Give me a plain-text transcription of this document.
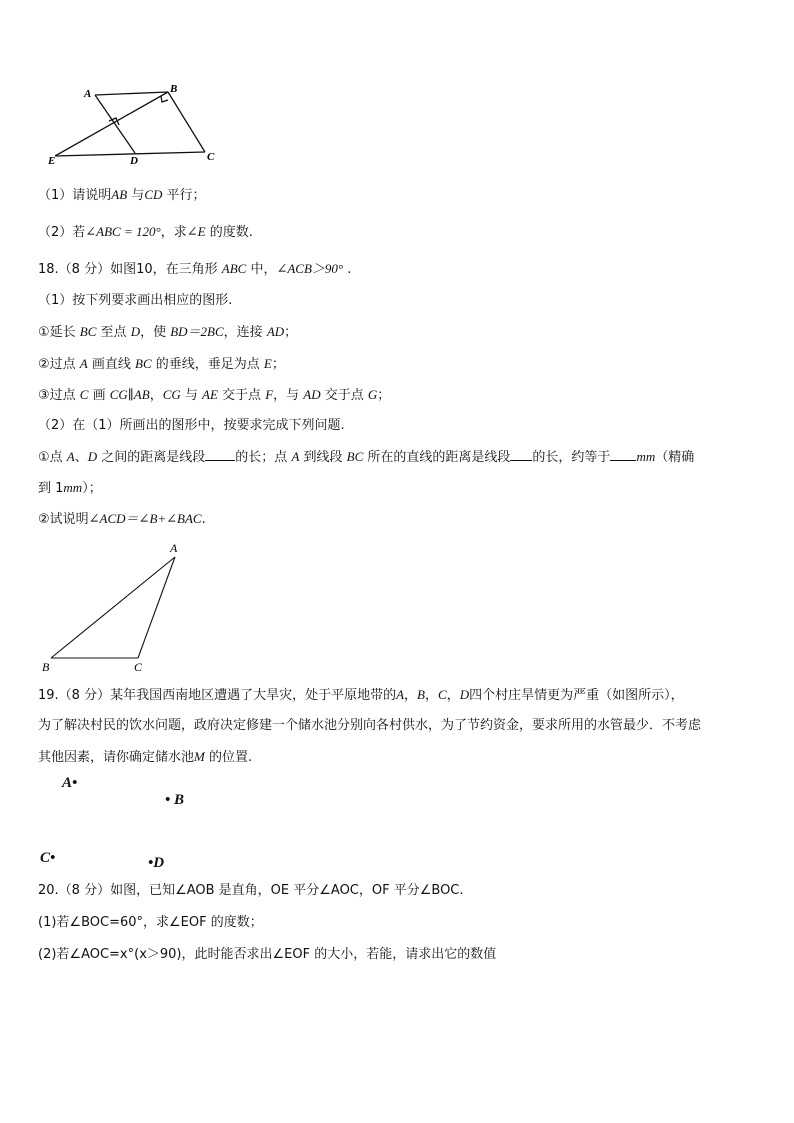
A	B
E	D	C
（1）请说明AB 与CD 平行；
（2）若∠ABC = 120°，求∠E 的度数.
18.（8 分）如图10，在三角形 ABC 中，∠ACB＞90° .
（1）按下列要求画出相应的图形.
①延长 BC 至点 D，使 BD＝2BC，连接 AD；
②过点 A 画直线 BC 的垂线，垂足为点 E；
③过点 C 画 CG∥AB，CG 与 AE 交于点 F，与 AD 交于点 G；
（2）在（1）所画出的图形中，按要求完成下列问题.
①点 A、D 之间的距离是线段 的长；点 A 到线段 BC 所在的直线的距离是线段 的长，约等于 mm（精确
到 1mm）；
②试说明∠ACD＝∠B+∠BAC.
A
B	C
19.（8 分）某年我国西南地区遭遇了大旱灾，处于平原地带的A，B，C，D四个村庄旱情更为严重（如图所示），
为了解决村民的饮水问题，政府决定修建一个储水池分别向各村供水，为了节约资金，要求所用的水管最少．不考虑
其他因素，请你确定储水池M 的位置.
A•
• B
C•	•D
20.（8 分）如图，已知∠AOB 是直角，OE 平分∠AOC，OF 平分∠BOC.
(1)若∠BOC=60°，求∠EOF 的度数；
(2)若∠AOC=x°(x＞90)，此时能否求出∠EOF 的大小，若能，请求出它的数值
